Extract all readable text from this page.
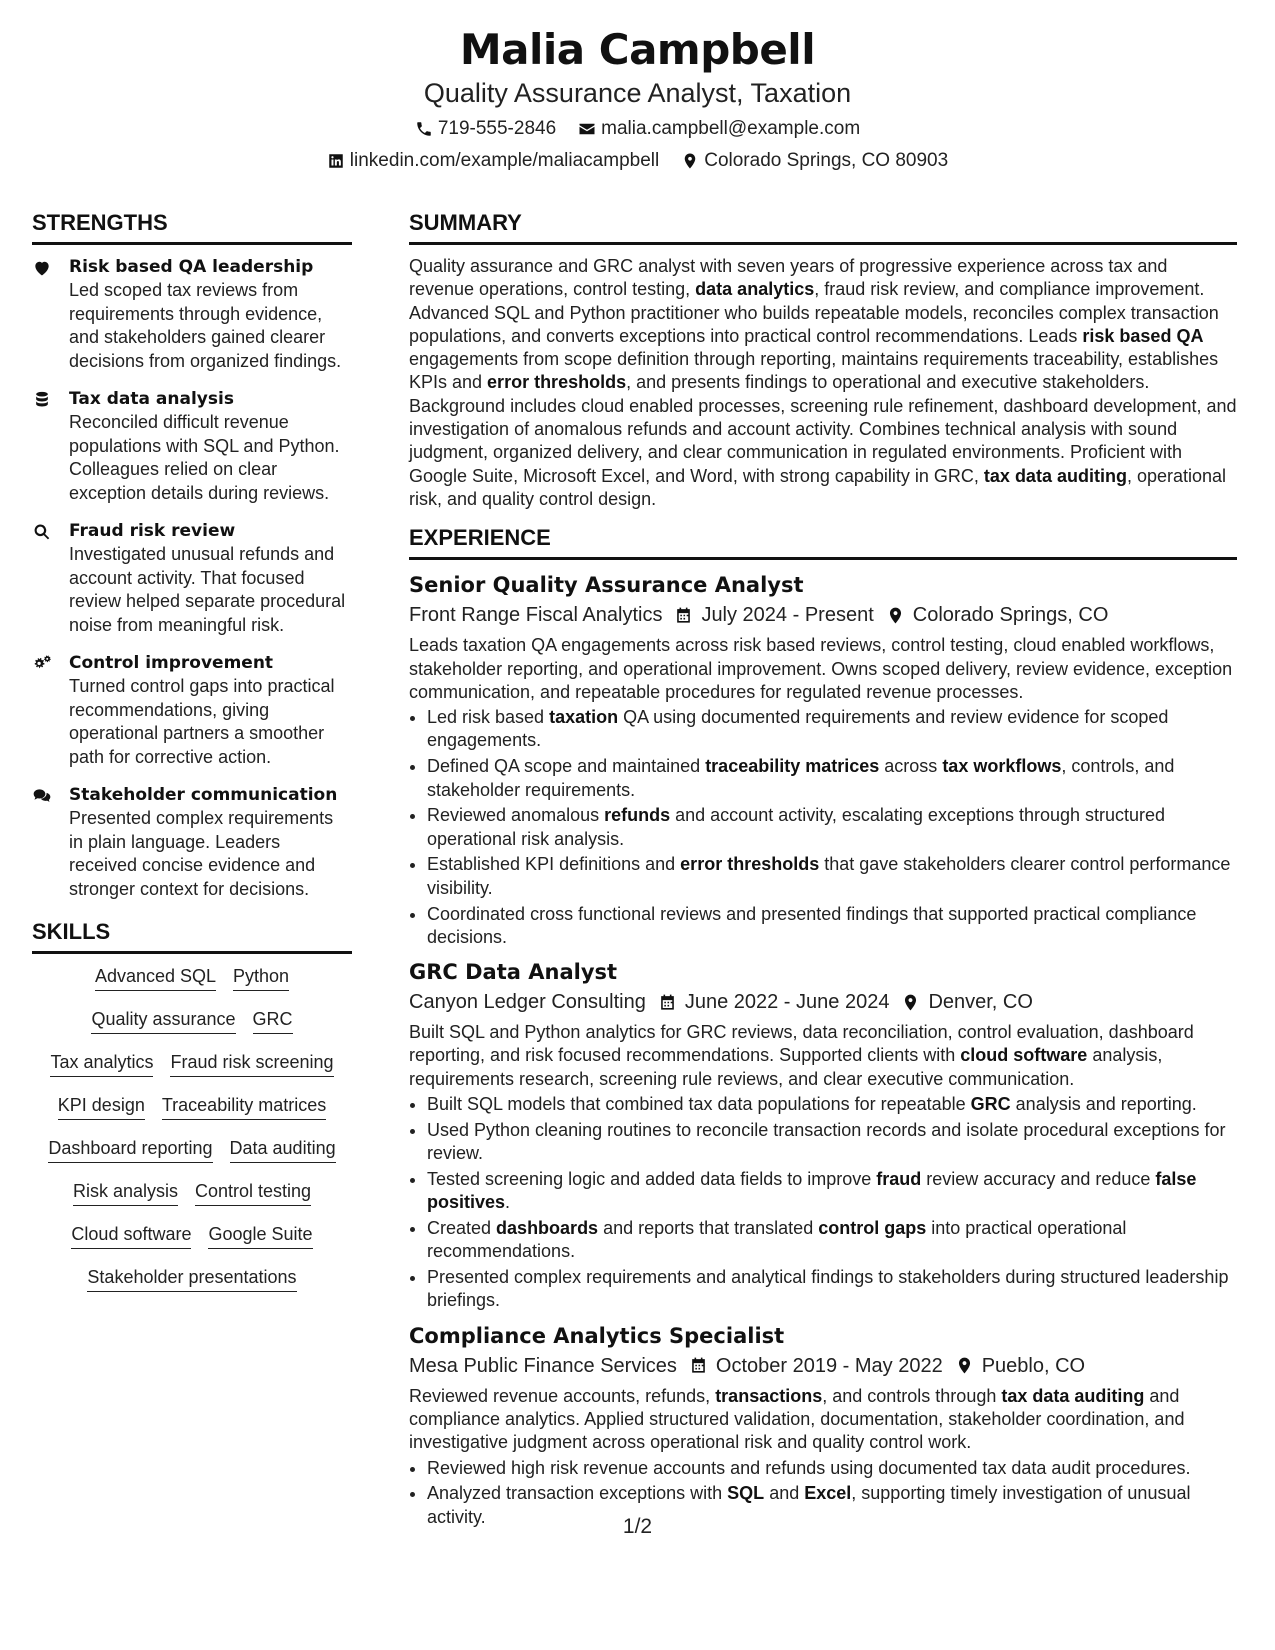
Malia Campbell
Quality Assurance Analyst, Taxation
719-555-2846 malia.campbell@example.com
linkedin.com/example/maliacampbell Colorado Springs, CO 80903
STRENGTHS
Risk based QA leadership
Led scoped tax reviews from requirements through evidence, and stakeholders gained clearer decisions from organized findings.
Tax data analysis
Reconciled difficult revenue populations with SQL and Python. Colleagues relied on clear exception details during reviews.
Fraud risk review
Investigated unusual refunds and account activity. That focused review helped separate procedural noise from meaningful risk.
Control improvement
Turned control gaps into practical recommendations, giving operational partners a smoother path for corrective action.
Stakeholder communication
Presented complex requirements in plain language. Leaders received concise evidence and stronger context for decisions.
SKILLS
Advanced SQL Python
Quality assurance GRC
Tax analytics Fraud risk screening
KPI design Traceability matrices
Dashboard reporting Data auditing
Risk analysis Control testing
Cloud software Google Suite
Stakeholder presentations
SUMMARY
Quality assurance and GRC analyst with seven years of progressive experience across tax and revenue operations, control testing, data analytics, fraud risk review, and compliance improvement. Advanced SQL and Python practitioner who builds repeatable models, reconciles complex transaction populations, and converts exceptions into practical control recommendations. Leads risk based QA engagements from scope definition through reporting, maintains requirements traceability, establishes KPIs and error thresholds, and presents findings to operational and executive stakeholders. Background includes cloud enabled processes, screening rule refinement, dashboard development, and investigation of anomalous refunds and account activity. Combines technical analysis with sound judgment, organized delivery, and clear communication in regulated environments. Proficient with Google Suite, Microsoft Excel, and Word, with strong capability in GRC, tax data auditing, operational risk, and quality control design.
EXPERIENCE
Senior Quality Assurance Analyst
Front Range Fiscal Analytics July 2024 - Present Colorado Springs, CO
Leads taxation QA engagements across risk based reviews, control testing, cloud enabled workflows, stakeholder reporting, and operational improvement. Owns scoped delivery, review evidence, exception communication, and repeatable procedures for regulated revenue processes.
• Led risk based taxation QA using documented requirements and review evidence for scoped engagements.
• Defined QA scope and maintained traceability matrices across tax workflows, controls, and stakeholder requirements.
• Reviewed anomalous refunds and account activity, escalating exceptions through structured operational risk analysis.
• Established KPI definitions and error thresholds that gave stakeholders clearer control performance visibility.
• Coordinated cross functional reviews and presented findings that supported practical compliance decisions.
GRC Data Analyst
Canyon Ledger Consulting June 2022 - June 2024 Denver, CO
Built SQL and Python analytics for GRC reviews, data reconciliation, control evaluation, dashboard reporting, and risk focused recommendations. Supported clients with cloud software analysis, requirements research, screening rule reviews, and clear executive communication.
• Built SQL models that combined tax data populations for repeatable GRC analysis and reporting.
• Used Python cleaning routines to reconcile transaction records and isolate procedural exceptions for review.
• Tested screening logic and added data fields to improve fraud review accuracy and reduce false positives.
• Created dashboards and reports that translated control gaps into practical operational recommendations.
• Presented complex requirements and analytical findings to stakeholders during structured leadership briefings.
Compliance Analytics Specialist
Mesa Public Finance Services October 2019 - May 2022 Pueblo, CO
Reviewed revenue accounts, refunds, transactions, and controls through tax data auditing and compliance analytics. Applied structured validation, documentation, stakeholder coordination, and investigative judgment across operational risk and quality control work.
• Reviewed high risk revenue accounts and refunds using documented tax data audit procedures.
• Analyzed transaction exceptions with SQL and Excel, supporting timely investigation of unusual activity.	1/2
